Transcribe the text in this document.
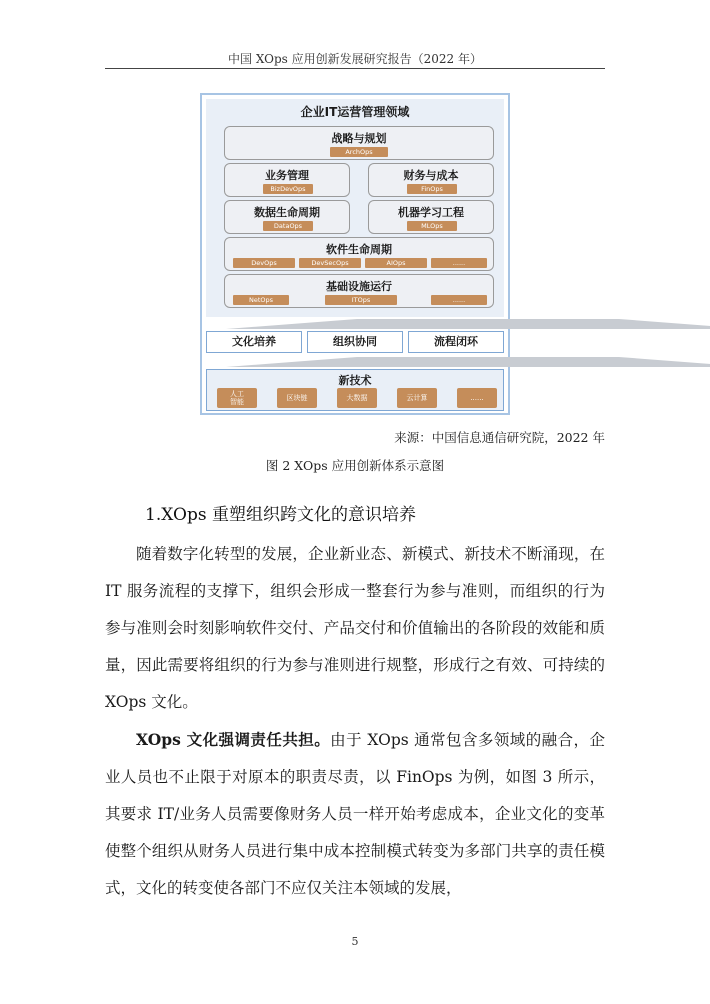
中国 XOps 应用创新发展研究报告（2022 年）
企业IT运营管理领域
战略与规划
ArchOps
业务管理
BizDevOps
财务与成本
FinOps
数据生命周期
DataOps
机器学习工程
MLOps
软件生命周期
DevOps	DevSecOps	AIOps	......
基础设施运行
NetOps	ITOps	......
文化培养	组织协同	流程闭环
新技术
人工
智能	区块链	大数据	云计算	......
来源：中国信息通信研究院，2022 年
图 2 XOps 应用创新体系示意图
1.XOps 重塑组织跨文化的意识培养

随着数字化转型的发展，企业新业态、新模式、新技术不断涌现，在 IT 服务流程的支撑下，组织会形成一整套行为参与准则，而组织的行为参与准则会时刻影响软件交付、产品交付和价值输出的各阶段的效能和质量，因此需要将组织的行为参与准则进行规整，形成行之有效、可持续的 XOps 文化。

XOps 文化强调责任共担。由于 XOps 通常包含多领域的融合，企业人员也不止限于对原本的职责尽责，以 FinOps 为例，如图 3 所示，其要求 IT/业务人员需要像财务人员一样开始考虑成本，企业文化的变革使整个组织从财务人员进行集中成本控制模式转变为多部门共享的责任模式，文化的转变使各部门不应仅关注本领域的发展，

5
